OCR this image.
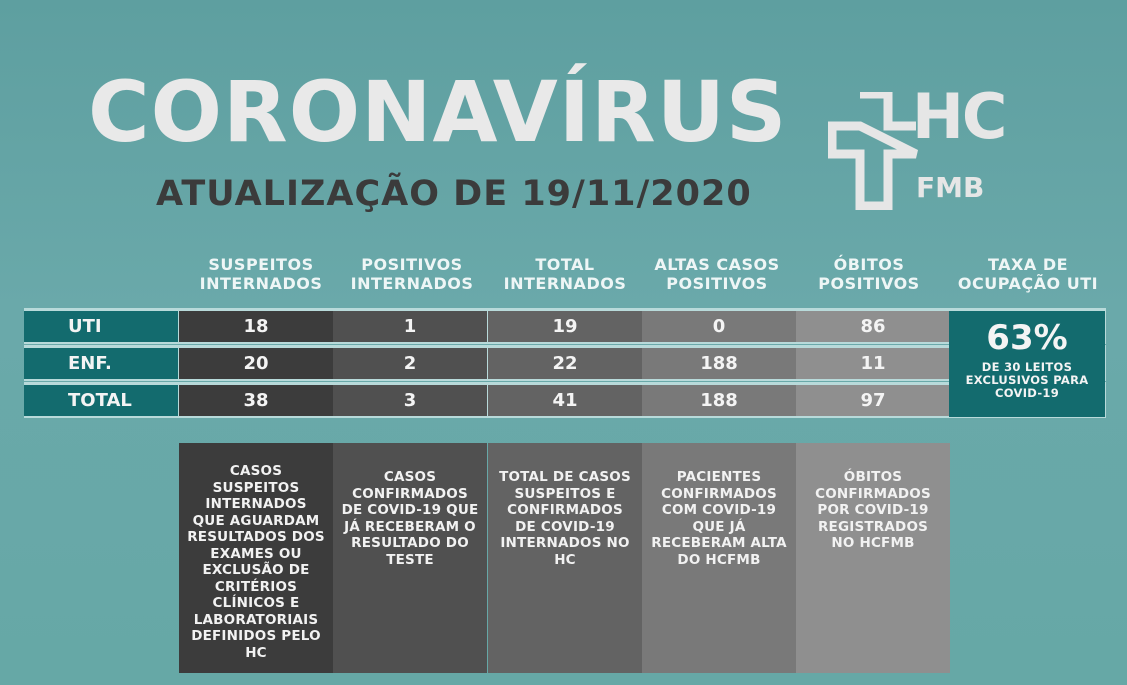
CORONAVÍRUS
ATUALIZAÇÃO DE 19/11/2020
HC
FMB
SUSPEITOS
INTERNADOS
POSITIVOS
INTERNADOS
TOTAL
INTERNADOS
ALTAS CASOS
POSITIVOS
ÓBITOS
POSITIVOS
TAXA DE
OCUPAÇÃO UTI
UTI	18	1	19	0	86
ENF.	20	2	22	188	11
TOTAL	38	3	41	188	97
63%
DE 30 LEITOS
EXCLUSIVOS PARA
COVID-19
CASOS SUSPEITOS INTERNADOS QUE AGUARDAM RESULTADOS DOS EXAMES OU EXCLUSÃO DE CRITÉRIOS CLÍNICOS E LABORATORIAIS DEFINIDOS PELO HC
CASOS CONFIRMADOS DE COVID-19 QUE JÁ RECEBERAM O RESULTADO DO TESTE
TOTAL DE CASOS SUSPEITOS E CONFIRMADOS DE COVID-19 INTERNADOS NO HC
PACIENTES CONFIRMADOS COM COVID-19 QUE JÁ RECEBERAM ALTA DO HCFMB
ÓBITOS CONFIRMADOS POR COVID-19 REGISTRADOS NO HCFMB
